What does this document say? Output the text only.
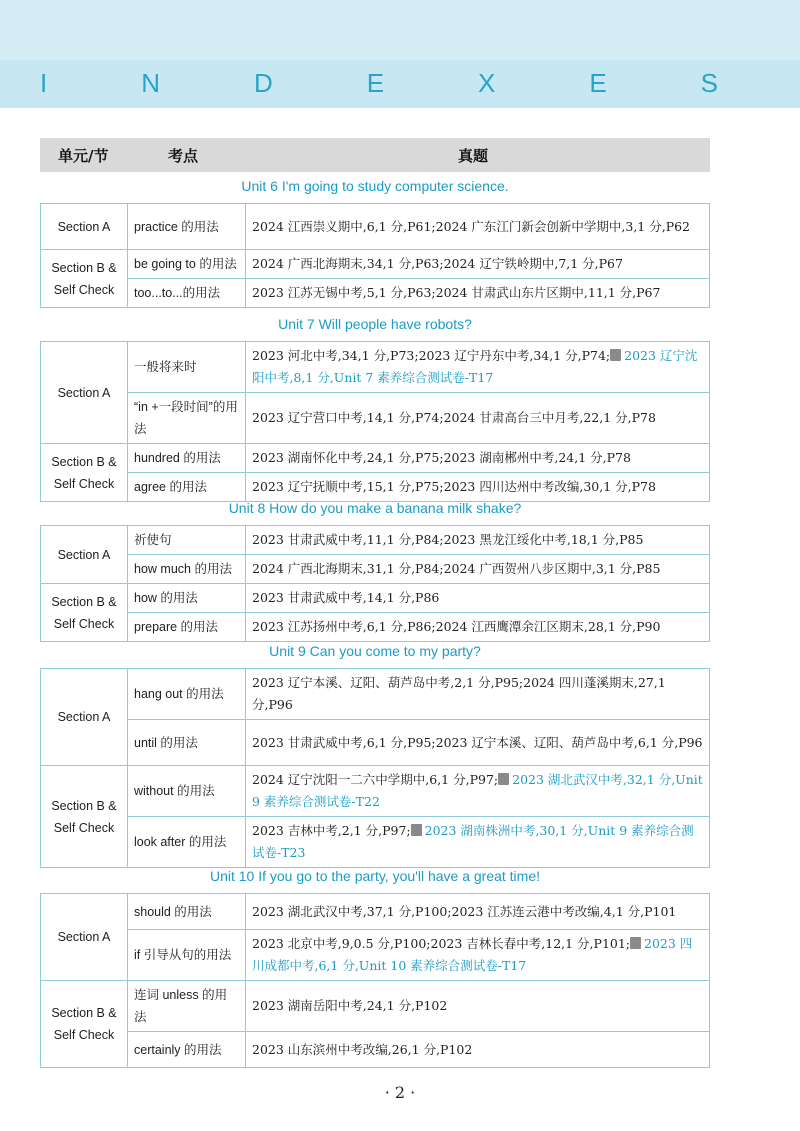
I	N	D	E	X	E	S
单元/节	考点	真题
Unit 6 I'm going to study computer science.
Section A	practice 的用法	2024 江西崇义期中,6,1 分,P61;2024 广东江门新会创新中学期中,3,1 分,P62
Section B & Self Check	be going to 的用法	2024 广西北海期末,34,1 分,P63;2024 辽宁铁岭期中,7,1 分,P67
	too...to...的用法	2023 江苏无锡中考,5,1 分,P63;2024 甘肃武山东片区期中,11,1 分,P67
Unit 7 Will people have robots?
Section A	一般将来时	2023 河北中考,34,1 分,P73;2023 辽宁丹东中考,34,1 分,P74; 2023 辽宁沈阳中考,8,1 分,Unit 7 素养综合测试卷-T17
	“in +一段时间”的用法	2023 辽宁营口中考,14,1 分,P74;2024 甘肃高台三中月考,22,1 分,P78
Section B & Self Check	hundred 的用法	2023 湖南怀化中考,24,1 分,P75;2023 湖南郴州中考,24,1 分,P78
	agree 的用法	2023 辽宁抚顺中考,15,1 分,P75;2023 四川达州中考改编,30,1 分,P78
Unit 8 How do you make a banana milk shake?
Section A	祈使句	2023 甘肃武威中考,11,1 分,P84;2023 黑龙江绥化中考,18,1 分,P85
	how much 的用法	2024 广西北海期末,31,1 分,P84;2024 广西贺州八步区期中,3,1 分,P85
Section B & Self Check	how 的用法	2023 甘肃武威中考,14,1 分,P86
	prepare 的用法	2023 江苏扬州中考,6,1 分,P86;2024 江西鹰潭余江区期末,28,1 分,P90
Unit 9 Can you come to my party?
Section A	hang out 的用法	2023 辽宁本溪、辽阳、葫芦岛中考,2,1 分,P95;2024 四川蓬溪期末,27,1 分,P96
	until 的用法	2023 甘肃武威中考,6,1 分,P95;2023 辽宁本溪、辽阳、葫芦岛中考,6,1 分,P96
Section B & Self Check	without 的用法	2024 辽宁沈阳一二六中学期中,6,1 分,P97; 2023 湖北武汉中考,32,1 分,Unit 9 素养综合测试卷-T22
	look after 的用法	2023 吉林中考,2,1 分,P97; 2023 湖南株洲中考,30,1 分,Unit 9 素养综合测试卷-T23
Unit 10 If you go to the party, you'll have a great time!
Section A	should 的用法	2023 湖北武汉中考,37,1 分,P100;2023 江苏连云港中考改编,4,1 分,P101
	if 引导从句的用法	2023 北京中考,9,0.5 分,P100;2023 吉林长春中考,12,1 分,P101; 2023 四川成都中考,6,1 分,Unit 10 素养综合测试卷-T17
Section B & Self Check	连词 unless 的用法	2023 湖南岳阳中考,24,1 分,P102
	certainly 的用法	2023 山东滨州中考改编,26,1 分,P102
· 2 ·
